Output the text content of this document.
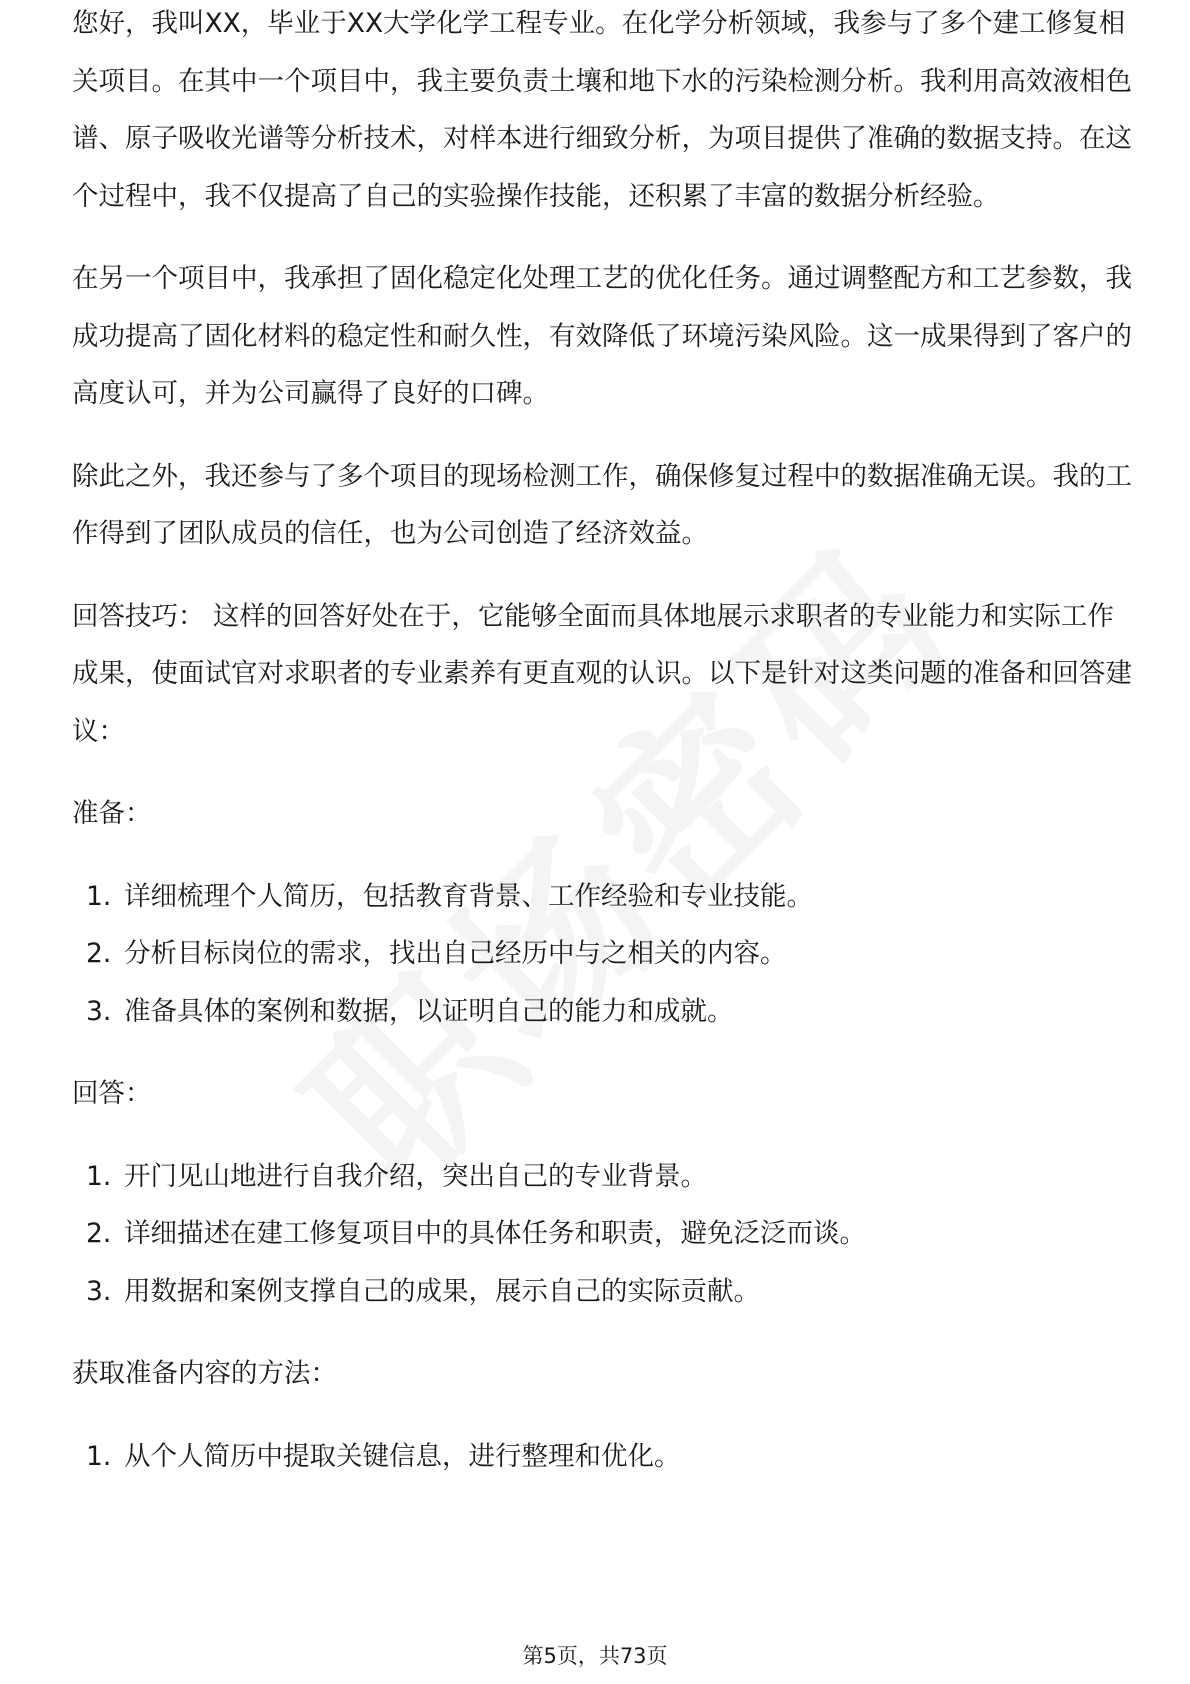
您好，我叫XX，毕业于XX大学化学工程专业。在化学分析领域，我参与了多个建工修复相关项目。在其中一个项目中，我主要负责土壤和地下水的污染检测分析。我利用高效液相色谱、原子吸收光谱等分析技术，对样本进行细致分析，为项目提供了准确的数据支持。在这个过程中，我不仅提高了自己的实验操作技能，还积累了丰富的数据分析经验。

在另一个项目中，我承担了固化稳定化处理工艺的优化任务。通过调整配方和工艺参数，我成功提高了固化材料的稳定性和耐久性，有效降低了环境污染风险。这一成果得到了客户的高度认可，并为公司赢得了良好的口碑。

除此之外，我还参与了多个项目的现场检测工作，确保修复过程中的数据准确无误。我的工作得到了团队成员的信任，也为公司创造了经济效益。

回答技巧： 这样的回答好处在于，它能够全面而具体地展示求职者的专业能力和实际工作成果，使面试官对求职者的专业素养有更直观的认识。以下是针对这类问题的准备和回答建议：

准备：

1. 详细梳理个人简历，包括教育背景、工作经验和专业技能。
2. 分析目标岗位的需求，找出自己经历中与之相关的内容。
3. 准备具体的案例和数据，以证明自己的能力和成就。

回答：

1. 开门见山地进行自我介绍，突出自己的专业背景。
2. 详细描述在建工修复项目中的具体任务和职责，避免泛泛而谈。
3. 用数据和案例支撑自己的成果，展示自己的实际贡献。

获取准备内容的方法：

1. 从个人简历中提取关键信息，进行整理和优化。
第5页，共73页
